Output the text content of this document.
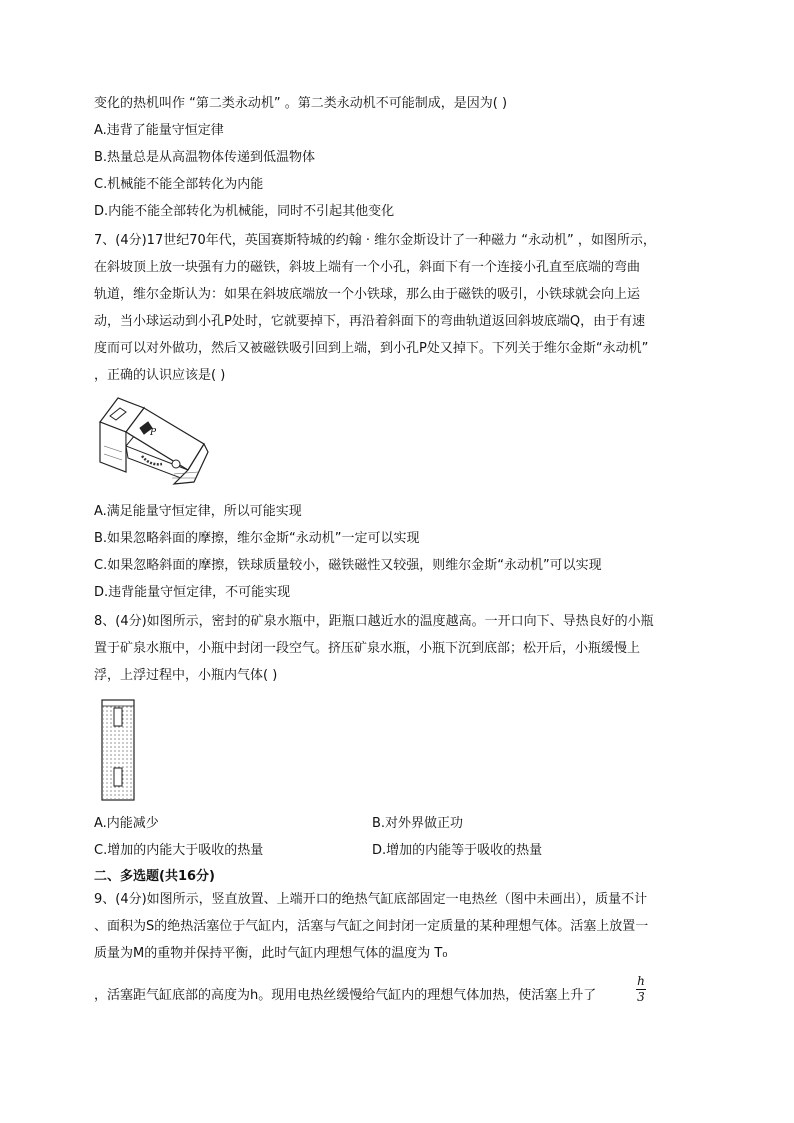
变化的热机叫作 “第二类永动机” 。第二类永动机不可能制成，是因为( )
A.违背了能量守恒定律
B.热量总是从高温物体传递到低温物体
C.机械能不能全部转化为内能
D.内能不能全部转化为机械能，同时不引起其他变化
7、(4分)17世纪70年代，英国赛斯特城的约翰 · 维尔金斯设计了一种磁力 “永动机” ，如图所示，
在斜坡顶上放一块强有力的磁铁，斜坡上端有一个小孔，斜面下有一个连接小孔直至底端的弯曲
轨道，维尔金斯认为：如果在斜坡底端放一个小铁球，那么由于磁铁的吸引，小铁球就会向上运
动，当小球运动到小孔P处时，它就要掉下，再沿着斜面下的弯曲轨道返回斜坡底端Q，由于有速
度而可以对外做功，然后又被磁铁吸引回到上端，到小孔P处又掉下。下列关于维尔金斯“永动机”
，正确的认识应该是( )
P
A.满足能量守恒定律，所以可能实现
B.如果忽略斜面的摩擦，维尔金斯“永动机”一定可以实现
C.如果忽略斜面的摩擦，铁球质量较小，磁铁磁性又较强，则维尔金斯“永动机”可以实现
D.违背能量守恒定律，不可能实现
8、(4分)如图所示，密封的矿泉水瓶中，距瓶口越近水的温度越高。一开口向下、导热良好的小瓶
置于矿泉水瓶中，小瓶中封闭一段空气。挤压矿泉水瓶，小瓶下沉到底部；松开后，小瓶缓慢上
浮，上浮过程中，小瓶内气体( )
A.内能减少	B.对外界做正功
C.增加的内能大于吸收的热量	D.增加的内能等于吸收的热量
二、多选题(共16分)
9、(4分)如图所示，竖直放置、上端开口的绝热气缸底部固定一电热丝（图中未画出），质量不计
、面积为S的绝热活塞位于气缸内，活塞与气缸之间封闭一定质量的某种理想气体。活塞上放置一
质量为M的重物并保持平衡，此时气缸内理想气体的温度为 T₀
，活塞距气缸底部的高度为h。现用电热丝缓慢给气缸内的理想气体加热，使活塞上升了
h
3
